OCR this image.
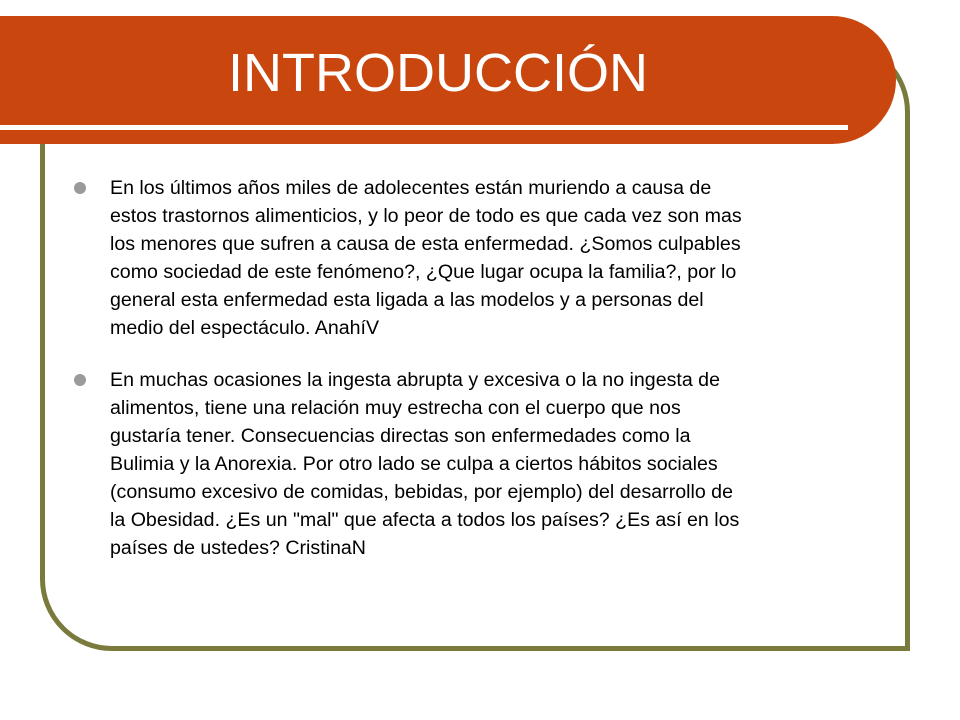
INTRODUCCIÓN

En los últimos años miles de adolecentes están muriendo a causa de
estos trastornos alimenticios, y lo peor de todo es que cada vez son mas
los menores que sufren a causa de esta enfermedad. ¿Somos culpables
como sociedad de este fenómeno?, ¿Que lugar ocupa la familia?, por lo
general esta enfermedad esta ligada a las modelos y a personas del
medio del espectáculo. AnahíV

En muchas ocasiones la ingesta abrupta y excesiva o la no ingesta de
alimentos, tiene una relación muy estrecha con el cuerpo que nos
gustaría tener. Consecuencias directas son enfermedades como la
Bulimia y la Anorexia. Por otro lado se culpa a ciertos hábitos sociales
(consumo excesivo de comidas, bebidas, por ejemplo) del desarrollo de
la Obesidad. ¿Es un "mal" que afecta a todos los países? ¿Es así en los
países de ustedes? CristinaN
